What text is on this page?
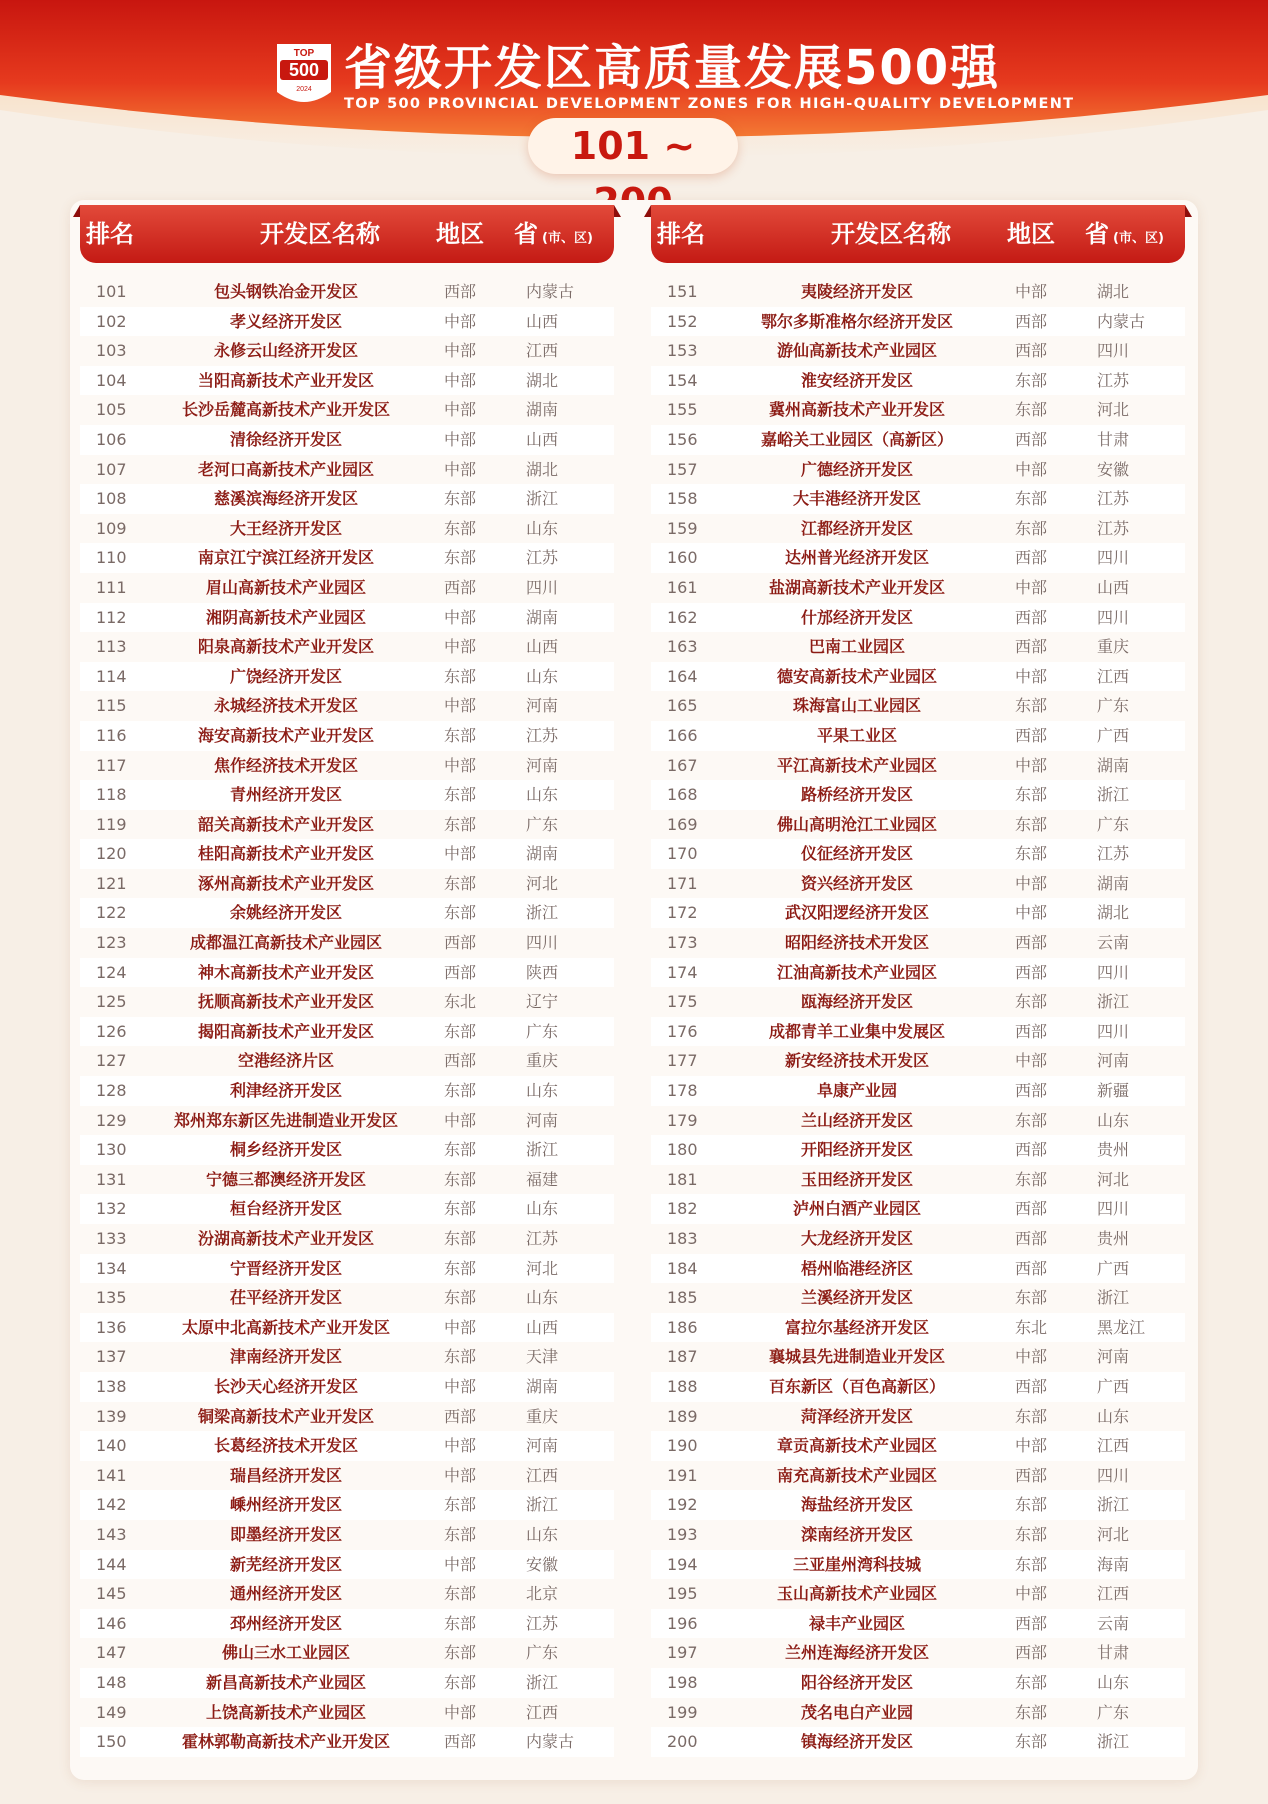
TOP
500
2024 省级开发区高质量发展500强
TOP 500 PROVINCIAL DEVELOPMENT ZONES FOR HIGH-QUALITY DEVELOPMENT
101 ~
排名	开发区名称	地区 省 (市、区)
101	包头钢铁冶金开发区	西部	内蒙古
102	孝义经济开发区	中部	山西
103	永修云山经济开发区	中部	江西
104	当阳高新技术产业开发区	中部	湖北
105	长沙岳麓高新技术产业开发区	中部	湖南
106	清徐经济开发区	中部	山西
107	老河口高新技术产业园区	中部	湖北
108	慈溪滨海经济开发区	东部	浙江
109	大王经济开发区	东部	山东
110	南京江宁滨江经济开发区	东部	江苏
111	眉山高新技术产业园区	西部	四川
112	湘阴高新技术产业园区	中部	湖南
113	阳泉高新技术产业开发区	中部	山西
114	广饶经济开发区	东部	山东
115	永城经济技术开发区	中部	河南
116	海安高新技术产业开发区	东部	江苏
117	焦作经济技术开发区	中部	河南
118	青州经济开发区	东部	山东
119	韶关高新技术产业开发区	东部	广东
120	桂阳高新技术产业开发区	中部	湖南
121	涿州高新技术产业开发区	东部	河北
122	余姚经济开发区	东部	浙江
123	成都温江高新技术产业园区	西部	四川
124	神木高新技术产业开发区	西部	陕西
125	抚顺高新技术产业开发区	东北	辽宁
126	揭阳高新技术产业开发区	东部	广东
127	空港经济片区	西部	重庆
128	利津经济开发区	东部	山东
129	郑州郑东新区先进制造业开发区	中部	河南
130	桐乡经济开发区	东部	浙江
131	宁德三都澳经济开发区	东部	福建
132	桓台经济开发区	东部	山东
133	汾湖高新技术产业开发区	东部	江苏
134	宁晋经济开发区	东部	河北
135	茌平经济开发区	东部	山东
136	太原中北高新技术产业开发区	中部	山西
137	津南经济开发区	东部	天津
138	长沙天心经济开发区	中部	湖南
139	铜梁高新技术产业开发区	西部	重庆
140	长葛经济技术开发区	中部	河南
141	瑞昌经济开发区	中部	江西
142	嵊州经济开发区	东部	浙江
143	即墨经济开发区	东部	山东
144	新芜经济开发区	中部	安徽
145	通州经济开发区	东部	北京
146	邳州经济开发区	东部	江苏
147	佛山三水工业园区	东部	广东
148	新昌高新技术产业园区	东部	浙江
149	上饶高新技术产业园区	中部	江西
150	霍林郭勒高新技术产业开发区	西部	内蒙古
排名	开发区名称	地区 省 (市、区)
151	夷陵经济开发区	中部	湖北
152	鄂尔多斯准格尔经济开发区	西部	内蒙古
153	游仙高新技术产业园区	西部	四川
154	淮安经济开发区	东部	江苏
155	冀州高新技术产业开发区	东部	河北
156	嘉峪关工业园区（高新区）	西部	甘肃
157	广德经济开发区	中部	安徽
158	大丰港经济开发区	东部	江苏
159	江都经济开发区	东部	江苏
160	达州普光经济开发区	西部	四川
161	盐湖高新技术产业开发区	中部	山西
162	什邡经济开发区	西部	四川
163	巴南工业园区	西部	重庆
164	德安高新技术产业园区	中部	江西
165	珠海富山工业园区	东部	广东
166	平果工业区	西部	广西
167	平江高新技术产业园区	中部	湖南
168	路桥经济开发区	东部	浙江
169	佛山高明沧江工业园区	东部	广东
170	仪征经济开发区	东部	江苏
171	资兴经济开发区	中部	湖南
172	武汉阳逻经济开发区	中部	湖北
173	昭阳经济技术开发区	西部	云南
174	江油高新技术产业园区	西部	四川
175	瓯海经济开发区	东部	浙江
176	成都青羊工业集中发展区	西部	四川
177	新安经济技术开发区	中部	河南
178	阜康产业园	西部	新疆
179	兰山经济开发区	东部	山东
180	开阳经济开发区	西部	贵州
181	玉田经济开发区	东部	河北
182	泸州白酒产业园区	西部	四川
183	大龙经济开发区	西部	贵州
184	梧州临港经济区	西部	广西
185	兰溪经济开发区	东部	浙江
186	富拉尔基经济开发区	东北	黑龙江
187	襄城县先进制造业开发区	中部	河南
188	百东新区（百色高新区）	西部	广西
189	菏泽经济开发区	东部	山东
190	章贡高新技术产业园区	中部	江西
191	南充高新技术产业园区	西部	四川
192	海盐经济开发区	东部	浙江
193	滦南经济开发区	东部	河北
194	三亚崖州湾科技城	东部	海南
195	玉山高新技术产业园区	中部	江西
196	禄丰产业园区	西部	云南
197	兰州连海经济开发区	西部	甘肃
198	阳谷经济开发区	东部	山东
199	茂名电白产业园	东部	广东
200	镇海经济开发区	东部	浙江
